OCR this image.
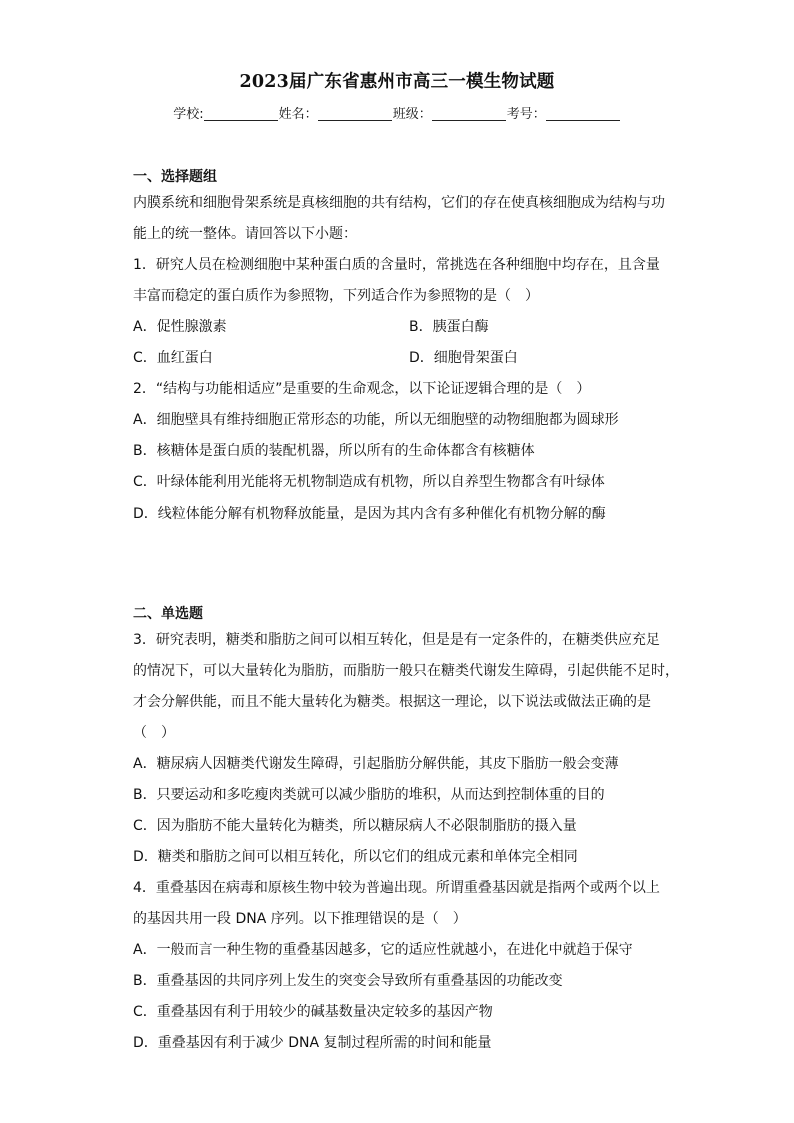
2023届广东省惠州市高三一模生物试题
学校:	姓名：	班级：	考号：
一、选择题组
内膜系统和细胞骨架系统是真核细胞的共有结构，它们的存在使真核细胞成为结构与功
能上的统一整体。请回答以下小题：
1．研究人员在检测细胞中某种蛋白质的含量时，常挑选在各种细胞中均存在，且含量
丰富而稳定的蛋白质作为参照物，下列适合作为参照物的是（　）
A．促性腺激素	B．胰蛋白酶
C．血红蛋白	D．细胞骨架蛋白
2．“结构与功能相适应”是重要的生命观念，以下论证逻辑合理的是（　）
A．细胞壁具有维持细胞正常形态的功能，所以无细胞壁的动物细胞都为圆球形
B．核糖体是蛋白质的装配机器，所以所有的生命体都含有核糖体
C．叶绿体能利用光能将无机物制造成有机物，所以自养型生物都含有叶绿体
D．线粒体能分解有机物释放能量，是因为其内含有多种催化有机物分解的酶
二、单选题
3．研究表明，糖类和脂肪之间可以相互转化，但是是有一定条件的，在糖类供应充足
的情况下，可以大量转化为脂肪，而脂肪一般只在糖类代谢发生障碍，引起供能不足时，
才会分解供能，而且不能大量转化为糖类。根据这一理论，以下说法或做法正确的是
（　）
A．糖尿病人因糖类代谢发生障碍，引起脂肪分解供能，其皮下脂肪一般会变薄
B．只要运动和多吃瘦肉类就可以减少脂肪的堆积，从而达到控制体重的目的
C．因为脂肪不能大量转化为糖类，所以糖尿病人不必限制脂肪的摄入量
D．糖类和脂肪之间可以相互转化，所以它们的组成元素和单体完全相同
4．重叠基因在病毒和原核生物中较为普遍出现。所谓重叠基因就是指两个或两个以上
的基因共用一段 DNA 序列。以下推理错误的是（　）
A．一般而言一种生物的重叠基因越多，它的适应性就越小，在进化中就趋于保守
B．重叠基因的共同序列上发生的突变会导致所有重叠基因的功能改变
C．重叠基因有利于用较少的碱基数量决定较多的基因产物
D．重叠基因有利于减少 DNA 复制过程所需的时间和能量
